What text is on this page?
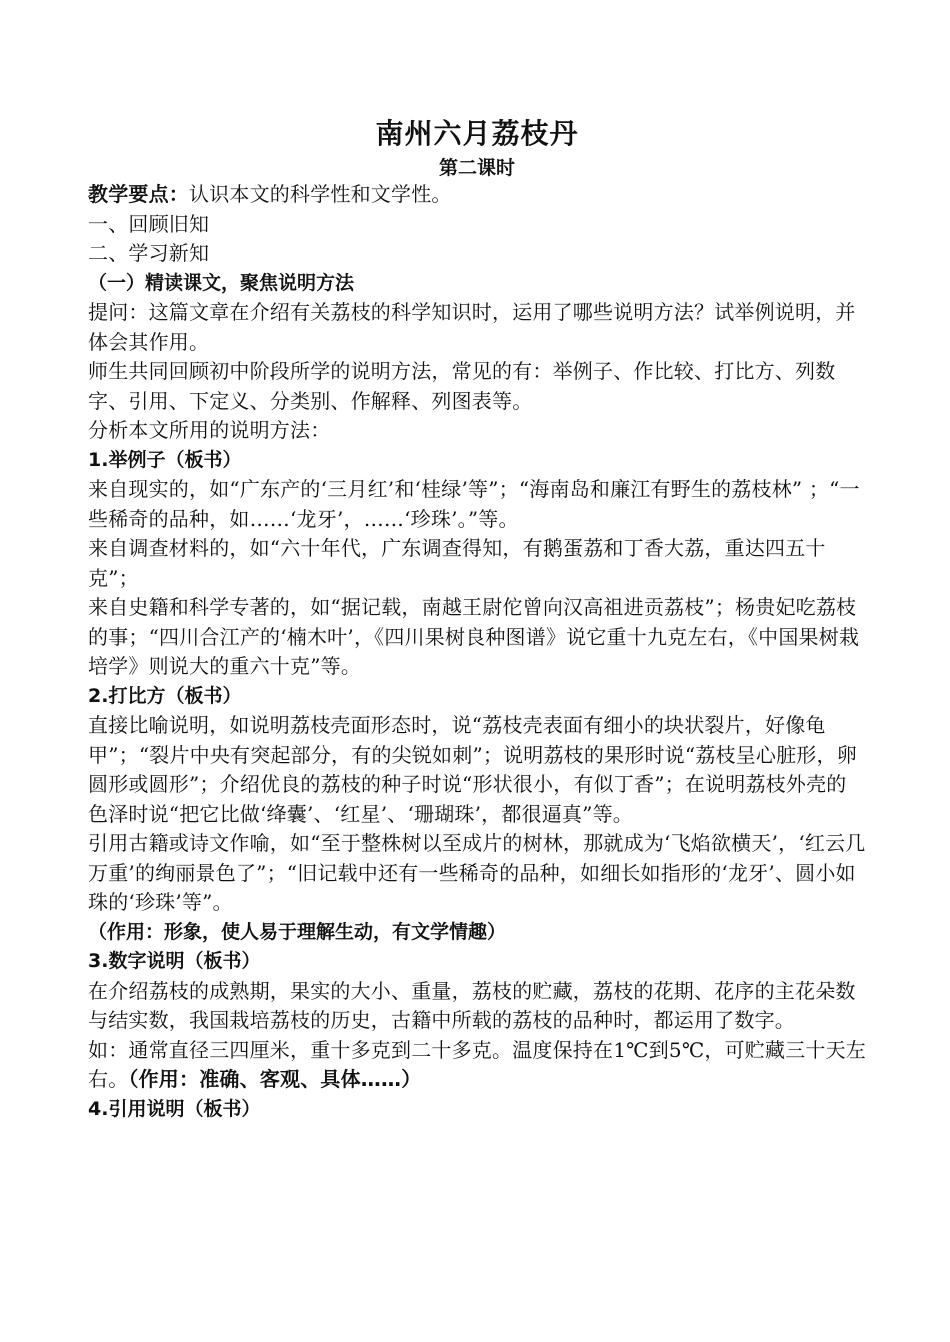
南州六月荔枝丹
第二课时

教学要点：认识本文的科学性和文学性。

一、回顾旧知

二、学习新知

（一）精读课文，聚焦说明方法

提问：这篇文章在介绍有关荔枝的科学知识时，运用了哪些说明方法？试举例说明，并体会其作用。

师生共同回顾初中阶段所学的说明方法，常见的有：举例子、作比较、打比方、列数字、引用、下定义、分类别、作解释、列图表等。

分析本文所用的说明方法：

1.举例子（板书）

来自现实的，如“广东产的‘三月红’和‘桂绿’等”；“海南岛和廉江有野生的荔枝林” ；“一些稀奇的品种，如……‘龙牙’，……‘珍珠’。”等。

来自调查材料的，如“六十年代，广东调查得知，有鹅蛋荔和丁香大荔，重达四五十克”；

来自史籍和科学专著的，如“据记载，南越王尉佗曾向汉高祖进贡荔枝”；杨贵妃吃荔枝的事；“四川合江产的‘楠木叶’，《四川果树良种图谱》说它重十九克左右，《中国果树栽培学》则说大的重六十克”等。

2.打比方（板书）

直接比喻说明，如说明荔枝壳面形态时，说“荔枝壳表面有细小的块状裂片，好像龟甲”；“裂片中央有突起部分，有的尖锐如刺”；说明荔枝的果形时说“荔枝呈心脏形，卵圆形或圆形”；介绍优良的荔枝的种子时说“形状很小，有似丁香”；在说明荔枝外壳的色泽时说“把它比做‘绛囊’、‘红星’、‘珊瑚珠’，都很逼真”等。

引用古籍或诗文作喻，如“至于整株树以至成片的树林，那就成为‘飞焰欲横天’，‘红云几万重’的绚丽景色了”；“旧记载中还有一些稀奇的品种，如细长如指形的‘龙牙’、圆小如珠的‘珍珠’等”。

（作用：形象，使人易于理解生动，有文学情趣）

3.数字说明（板书）

在介绍荔枝的成熟期，果实的大小、重量，荔枝的贮藏，荔枝的花期、花序的主花朵数与结实数，我国栽培荔枝的历史，古籍中所载的荔枝的品种时，都运用了数字。

如：通常直径三四厘米，重十多克到二十多克。温度保持在1℃到5℃，可贮藏三十天左右。（作用：准确、客观、具体……）

4.引用说明（板书）
